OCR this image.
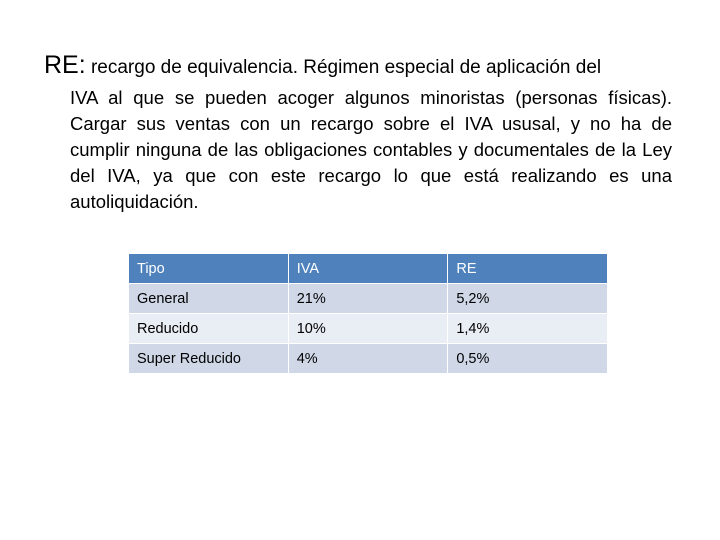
RE: recargo de equivalencia. Régimen especial de aplicación del

IVA al que se pueden acoger algunos minoristas (personas físicas). Cargar sus ventas con un recargo sobre el IVA ususal, y no ha de cumplir ninguna de las obligaciones contables y documentales de la Ley del IVA, ya que con este recargo lo que está realizando es una autoliquidación.

Tipo	IVA	RE
General	21%	5,2%
Reducido	10%	1,4%
Super Reducido	4%	0,5%
